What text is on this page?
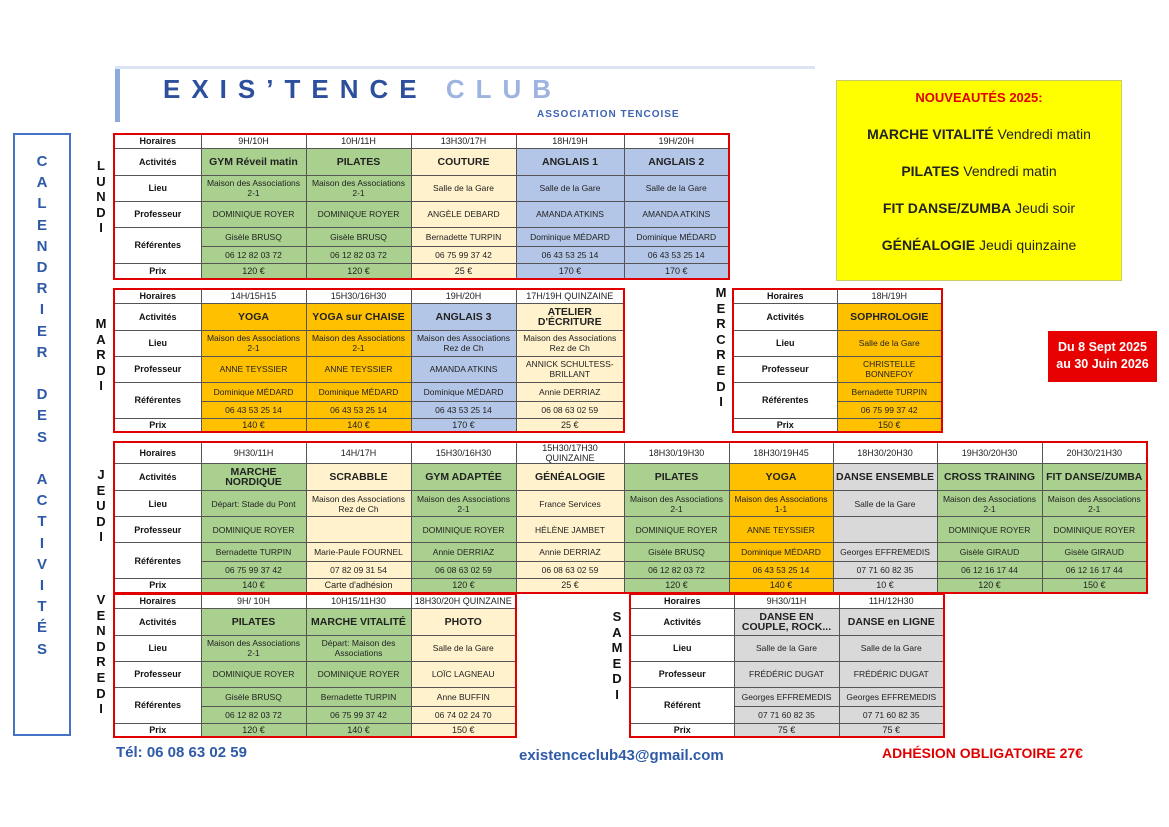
EXIS’TENCE CLUB
ASSOCIATION TENCOISE
C
A
L
E
N
D
R
I
E
R

D
E
S

A
C
T
I
V
I
T
É
S
NOUVEAUTÉS 2025:
MARCHE VITALITÉ Vendredi matin
PILATES Vendredi matin
FIT DANSE/ZUMBA Jeudi soir
GÉNÉALOGIE Jeudi quinzaine
Du 8 Sept 2025
au 30 Juin 2026
Horaires	9H/10H	10H/11H	13H30/17H	18H/19H	19H/20H
Activités	GYM Réveil matin	PILATES	COUTURE	ANGLAIS 1	ANGLAIS 2
Lieu	Maison des Associations 2-1	Maison des Associations 2-1	Salle de la Gare	Salle de la Gare	Salle de la Gare
Professeur	DOMINIQUE ROYER	DOMINIQUE ROYER	ANGÈLE DEBARD	AMANDA ATKINS	AMANDA ATKINS
Référentes	Gisèle BRUSQ	Gisèle BRUSQ	Bernadette TURPIN	Dominique MÉDARD	Dominique MÉDARD
	06 12 82 03 72	06 12 82 03 72	06 75 99 37 42	06 43 53 25 14	06 43 53 25 14
Prix	120 €	120 €	25 €	170 €	170 €
Horaires	14H/15H15	15H30/16H30	19H/20H	17H/19H QUINZAINE
Activités	YOGA	YOGA sur CHAISE	ANGLAIS 3	ATELIER D'ÉCRITURE
Lieu	Maison des Associations 2-1	Maison des Associations 2-1	Maison des Associations Rez de Ch	Maison des Associations Rez de Ch
Professeur	ANNE TEYSSIER	ANNE TEYSSIER	AMANDA ATKINS	ANNICK SCHULTESS-BRILLANT
Référentes	Dominique MÉDARD	Dominique MÉDARD	Dominique MÉDARD	Annie DERRIAZ
	06 43 53 25 14	06 43 53 25 14	06 43 53 25 14	06 08 63 02 59
Prix	140 €	140 €	170 €	25 €
Horaires	18H/19H
Activités	SOPHROLOGIE
Lieu	Salle de la Gare
Professeur	CHRISTELLE BONNEFOY
Référentes	Bernadette TURPIN
	06 75 99 37 42
Prix	150 €
Horaires	9H30/11H	14H/17H	15H30/16H30	15H30/17H30 QUINZAINE	18H30/19H30	18H30/19H45	18H30/20H30	19H30/20H30	20H30/21H30
Activités	MARCHE NORDIQUE	SCRABBLE	GYM ADAPTÉE	GÉNÉALOGIE	PILATES	YOGA	DANSE ENSEMBLE	CROSS TRAINING	FIT DANSE/ZUMBA
Lieu	Départ: Stade du Pont	Maison des Associations Rez de Ch	Maison des Associations 2-1	France Services	Maison des Associations 2-1	Maison des Associations 1-1	Salle de la Gare	Maison des Associations 2-1	Maison des Associations 2-1
Professeur	DOMINIQUE ROYER		DOMINIQUE ROYER	HÉLÈNE JAMBET	DOMINIQUE ROYER	ANNE TEYSSIER		DOMINIQUE ROYER	DOMINIQUE ROYER
Référentes	Bernadette TURPIN	Marie-Paule FOURNEL	Annie DERRIAZ	Annie DERRIAZ	Gisèle BRUSQ	Dominique MÉDARD	Georges EFFREMEDIS	Gisèle GIRAUD	Gisèle GIRAUD
	06 75 99 37 42	07 82 09 31 54	06 08 63 02 59	06 08 63 02 59	06 12 82 03 72	06 43 53 25 14	07 71 60 82 35	06 12 16 17 44	06 12 16 17 44
Prix	140 €	Carte d'adhésion	120 €	25 €	120 €	140 €	10 €	120 €	150 €
Horaires	9H/ 10H	10H15/11H30	18H30/20H QUINZAINE
Activités	PILATES	MARCHE VITALITÉ	PHOTO
Lieu	Maison des Associations 2-1	Départ: Maison des Associations	Salle de la Gare
Professeur	DOMINIQUE ROYER	DOMINIQUE ROYER	LOÏC LAGNEAU
Référentes	Gisèle BRUSQ	Bernadette TURPIN	Anne BUFFIN
	06 12 82 03 72	06 75 99 37 42	06 74 02 24 70
Prix	120 €	140 €	150 €
Horaires	9H30/11H	11H/12H30
Activités	DANSE EN COUPLE, ROCK...	DANSE en LIGNE
Lieu	Salle de la Gare	Salle de la Gare
Professeur	FRÉDÉRIC DUGAT	FRÉDÉRIC DUGAT
Référent	Georges EFFREMEDIS	Georges EFFREMEDIS
	07 71 60 82 35	07 71 60 82 35
Prix	75 €	75 €
Tél: 06 08 63 02 59	existenceclub43@gmail.com	ADHÉSION OBLIGATOIRE 27€
L
U
N
D
I
M
A
R
D
I
M
E
R
C
R
E
D
I
J
E
U
D
I
V
E
N
D
R
E
D
I
S
A
M
E
D
I
